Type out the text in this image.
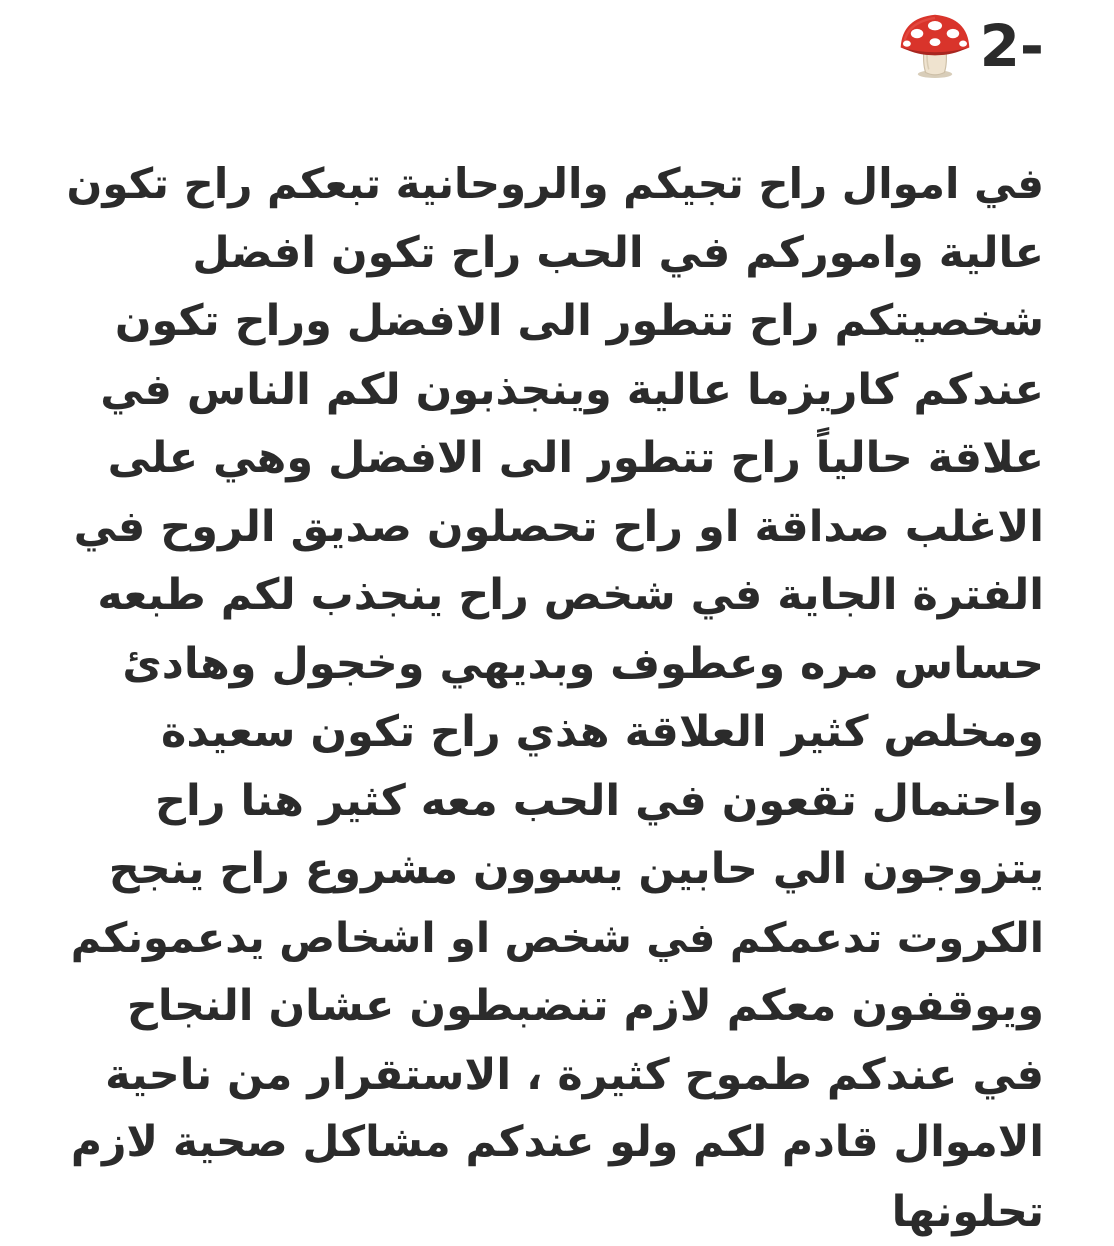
2-
في اموال راح تجيكم والروحانية تبعكم راح تكون
عالية واموركم في الحب راح تكون افضل
شخصيتكم راح تتطور الى الافضل وراح تكون
عندكم كاريزما عالية وينجذبون لكم الناس في
علاقة حالياً راح تتطور الى الافضل وهي على
الاغلب صداقة او راح تحصلون صديق الروح في
الفترة الجاية في شخص راح ينجذب لكم طبعه
حساس مره وعطوف وبديهي وخجول وهادئ
ومخلص كثير العلاقة هذي راح تكون سعيدة
واحتمال تقعون في الحب معه كثير هنا راح
يتزوجون الي حابين يسوون مشروع راح ينجح
الكروت تدعمكم في شخص او اشخاص يدعمونكم
ويوقفون معكم لازم تنضبطون عشان النجاح
في عندكم طموح كثيرة ، الاستقرار من ناحية
الاموال قادم لكم ولو عندكم مشاكل صحية لازم
تحلونها
